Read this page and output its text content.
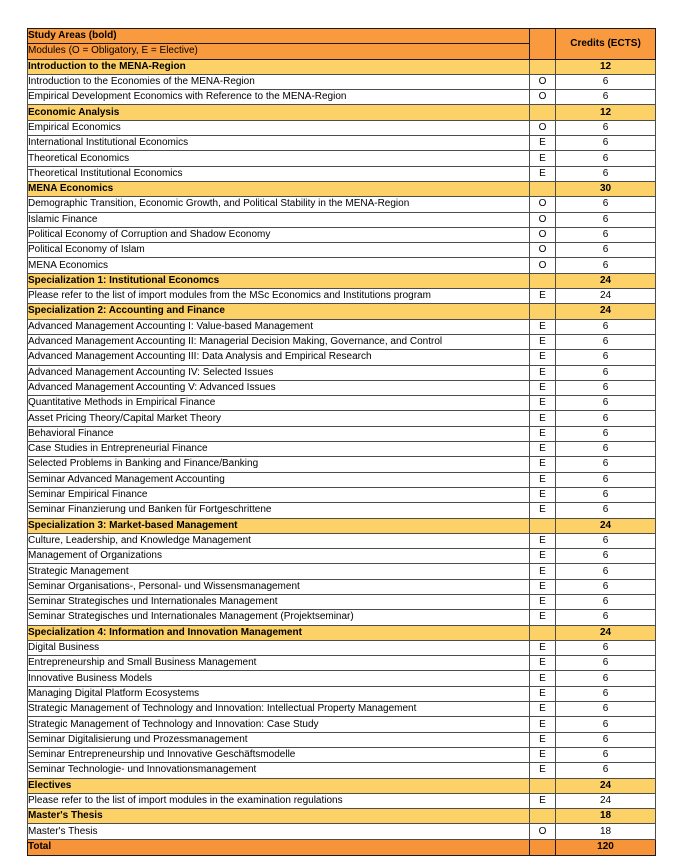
Study Areas (bold)		Credits (ECTS)
Modules (O = Obligatory, E = Elective)		
Introduction to the MENA-Region		12
Introduction to the Economies of the MENA-Region	O	6
Empirical Development Economics with Reference to the MENA-Region	O	6
Economic Analysis		12
Empirical Economics	O	6
International Institutional Economics	E	6
Theoretical Economics	E	6
Theoretical Institutional Economics	E	6
MENA Economics		30
Demographic Transition, Economic Growth, and Political Stability in the MENA-Region	O	6
Islamic Finance	O	6
Political Economy of Corruption and Shadow Economy	O	6
Political Economy of Islam	O	6
MENA Economics	O	6
Specialization 1: Institutional Economcs		24
Please refer to the list of import modules from the MSc Economics and Institutions program	E	24
Specialization 2: Accounting and Finance		24
Advanced Management Accounting I: Value-based Management	E	6
Advanced Management Accounting II: Managerial Decision Making, Governance, and Control	E	6
Advanced Management Accounting III: Data Analysis and Empirical Research	E	6
Advanced Management Accounting IV: Selected Issues	E	6
Advanced Management Accounting V: Advanced Issues	E	6
Quantitative Methods in Empirical Finance	E	6
Asset Pricing Theory/Capital Market Theory	E	6
Behavioral Finance	E	6
Case Studies in Entrepreneurial Finance	E	6
Selected Problems in Banking and Finance/Banking	E	6
Seminar Advanced Management Accounting	E	6
Seminar Empirical Finance	E	6
Seminar Finanzierung und Banken für Fortgeschrittene	E	6
Specialization 3: Market-based Management		24
Culture, Leadership, and Knowledge Management	E	6
Management of Organizations	E	6
Strategic Management	E	6
Seminar Organisations-, Personal- und Wissensmanagement	E	6
Seminar Strategisches und Internationales Management	E	6
Seminar Strategisches und Internationales Management (Projektseminar)	E	6
Specialization 4: Information and Innovation Management		24
Digital Business	E	6
Entrepreneurship and Small Business Management	E	6
Innovative Business Models	E	6
Managing Digital Platform Ecosystems	E	6
Strategic Management of Technology and Innovation: Intellectual Property Management	E	6
Strategic Management of Technology and Innovation: Case Study	E	6
Seminar Digitalisierung und Prozessmanagement	E	6
Seminar Entrepreneurship und Innovative Geschäftsmodelle	E	6
Seminar Technologie- und Innovationsmanagement	E	6
Electives		24
Please refer to the list of import modules in the examination regulations	E	24
Master's Thesis		18
Master's Thesis	O	18
Total		120
